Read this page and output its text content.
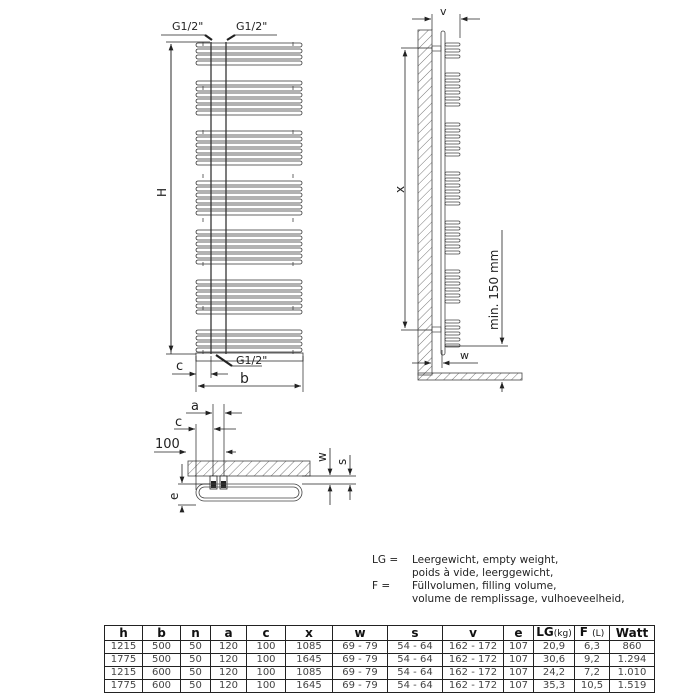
G1/2"	G1/2"
H
G1/2"
c
b
v
x
min. 150 mm
w
a
c
100
w s
e
LG =	Leergewicht, empty weight,
poids à vide, leerggewicht,
F =	Füllvolumen, filling volume,
volume de remplissage, vulhoeveelheid,
h	b	n	a	c	x	w	s	v	e	LG(kg)	F (L)	Watt
1215	500	50	120	100	1085	69 - 79	54 - 64	162 - 172	107	20,9	6,3	860
1775	500	50	120	100	1645	69 - 79	54 - 64	162 - 172	107	30,6	9,2	1.294
1215	600	50	120	100	1085	69 - 79	54 - 64	162 - 172	107	24,2	7,2	1.010
1775	600	50	120	100	1645	69 - 79	54 - 64	162 - 172	107	35,3	10,5	1.519
